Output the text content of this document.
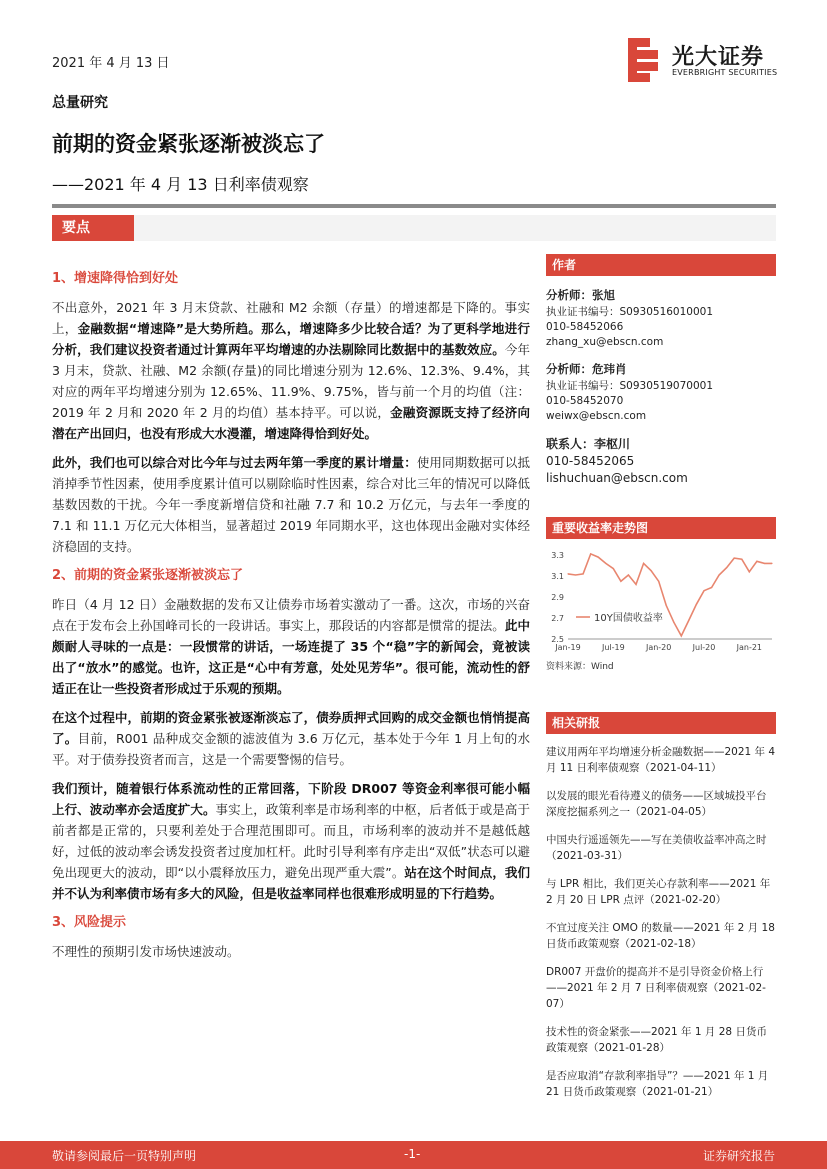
2021 年 4 月 13 日
总量研究
前期的资金紧张逐渐被淡忘了
——2021 年 4 月 13 日利率债观察
要点
光大证券
EVERBRIGHT SECURITIES
1、增速降得恰到好处

不出意外，2021 年 3 月末贷款、社融和 M2 余额（存量）的增速都是下降的。事实上，金融数据“增速降”是大势所趋。那么，增速降多少比较合适？为了更科学地进行分析，我们建议投资者通过计算两年平均增速的办法剔除同比数据中的基数效应。今年 3 月末，贷款、社融、M2 余额(存量)的同比增速分别为 12.6%、12.3%、9.4%，其对应的两年平均增速分别为 12.65%、11.9%、9.75%，皆与前一个月的均值（注：2019 年 2 月和 2020 年 2 月的均值）基本持平。可以说，金融资源既支持了经济向潜在产出回归，也没有形成大水漫灌，增速降得恰到好处。

此外，我们也可以综合对比今年与过去两年第一季度的累计增量：使用同期数据可以抵消掉季节性因素，使用季度累计值可以剔除临时性因素，综合对比三年的情况可以降低基数因数的干扰。今年一季度新增信贷和社融 7.7 和 10.2 万亿元，与去年一季度的 7.1 和 11.1 万亿元大体相当，显著超过 2019 年同期水平，这也体现出金融对实体经济稳固的支持。

2、前期的资金紧张逐渐被淡忘了

昨日（4 月 12 日）金融数据的发布又让债券市场着实激动了一番。这次，市场的兴奋点在于发布会上孙国峰司长的一段讲话。事实上，那段话的内容都是惯常的提法。此中颇耐人寻味的一点是：一段惯常的讲话，一场连提了 35 个“稳”字的新闻会，竟被读出了“放水”的感觉。也许，这正是“心中有芳意，处处见芳华”。很可能，流动性的舒适正在让一些投资者形成过于乐观的预期。

在这个过程中，前期的资金紧张被逐渐淡忘了，债券质押式回购的成交金额也悄悄提高了。目前，R001 品种成交金额的滤波值为 3.6 万亿元，基本处于今年 1 月上旬的水平。对于债券投资者而言，这是一个需要警惕的信号。

我们预计，随着银行体系流动性的正常回落，下阶段 DR007 等资金利率很可能小幅上行、波动率亦会适度扩大。事实上，政策利率是市场利率的中枢，后者低于或是高于前者都是正常的，只要利差处于合理范围即可。而且，市场利率的波动并不是越低越好，过低的波动率会诱发投资者过度加杠杆。此时引导利率有序走出“双低”状态可以避免出现更大的波动，即“以小震释放压力，避免出现严重大震”。站在这个时间点，我们并不认为利率债市场有多大的风险，但是收益率同样也很难形成明显的下行趋势。

3、风险提示

不理性的预期引发市场快速波动。

作者
分析师：张旭
执业证书编号：S0930516010001
010-58452066
zhang_xu@ebscn.com
分析师：危玮肖
执业证书编号：S0930519070001
010-58452070
weiwx@ebscn.com
联系人：李枢川
010-58452065
lishuchuan@ebscn.com
重要收益率走势图
3.3
3.1
2.9
2.7
2.5
Jan-19	Jul-19	Jan-20	Jul-20	Jan-21
10Y国债收益率
资料来源：Wind
相关研报
建议用两年平均增速分析金融数据——2021 年 4 月 11 日利率债观察（2021-04-11）
以发展的眼光看待遵义的债务——区域城投平台深度挖掘系列之一（2021-04-05）
中国央行遥遥领先——写在美债收益率冲高之时（2021-03-31）
与 LPR 相比，我们更关心存款利率——2021 年 2 月 20 日 LPR 点评（2021-02-20）
不宜过度关注 OMO 的数量——2021 年 2 月 18 日货币政策观察（2021-02-18）
DR007 开盘价的提高并不是引导资金价格上行——2021 年 2 月 7 日利率债观察（2021-02-07）
技术性的资金紧张——2021 年 1 月 28 日货币政策观察（2021-01-28）
是否应取消“存款利率指导”？——2021 年 1 月 21 日货币政策观察（2021-01-21）
敬请参阅最后一页特别声明	-1-	证券研究报告
